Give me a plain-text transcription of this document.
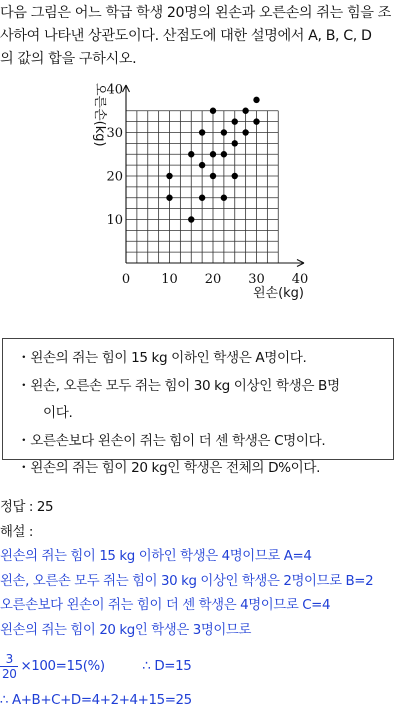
다음 그림은 어느 학급 학생 20명의 왼손과 오른손의 쥐는 힘을 조

사하여 나타낸 상관도이다. 산점도에 대한 설명에서 A, B, C, D

의 값의 합을 구하시오.

0 10 20 30 40
10
20
30
40
오른손(kg)
왼손(kg)
・왼손의 쥐는 힘이 15 kg 이하인 학생은 A명이다.
・왼손, 오른손 모두 쥐는 힘이 30 kg 이상인 학생은 B명
이다.
・오른손보다 왼손이 쥐는 힘이 더 센 학생은 C명이다.
・왼손의 쥐는 힘이 20 kg인 학생은 전체의 D%이다.
정답 : 25
해설 :
왼손의 쥐는 힘이 15 kg 이하인 학생은 4명이므로 A=4
왼손, 오른손 모두 쥐는 힘이 30 kg 이상인 학생은 2명이므로 B=2
오른손보다 왼손이 쥐는 힘이 더 센 학생은 4명이므로 C=4
왼손의 쥐는 힘이 20 kg인 학생은 3명이므로
$\frac{3}{20} \times 100=15(\%)$	∴ D=15
∴ A+B+C+D=4+2+4+15=25
